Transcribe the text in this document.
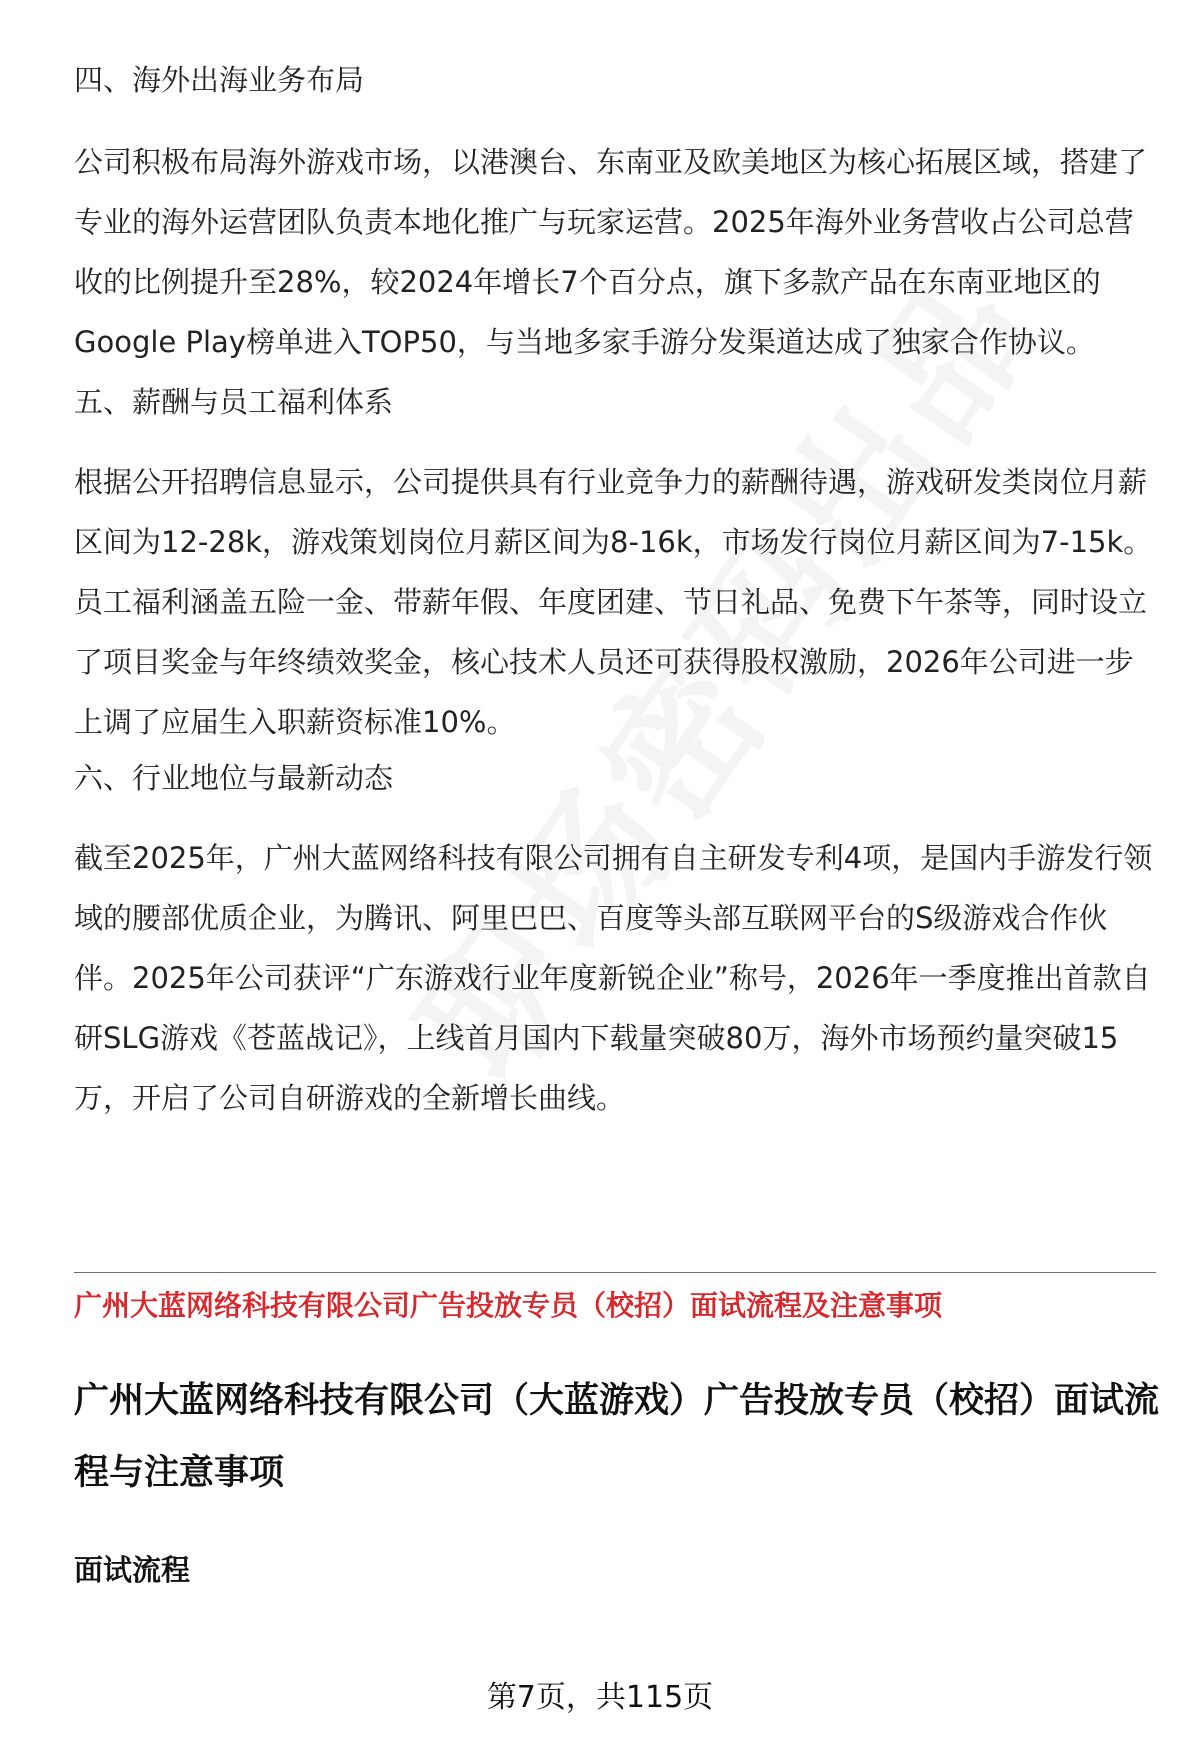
四、海外出海业务布局

公司积极布局海外游戏市场，以港澳台、东南亚及欧美地区为核心拓展区域，搭建了专业的海外运营团队负责本地化推广与玩家运营。2025年海外业务营收占公司总营收的比例提升至28%，较2024年增长7个百分点，旗下多款产品在东南亚地区的Google Play榜单进入TOP50，与当地多家手游分发渠道达成了独家合作协议。

五、薪酬与员工福利体系

根据公开招聘信息显示，公司提供具有行业竞争力的薪酬待遇，游戏研发类岗位月薪区间为12-28k，游戏策划岗位月薪区间为8-16k，市场发行岗位月薪区间为7-15k。员工福利涵盖五险一金、带薪年假、年度团建、节日礼品、免费下午茶等，同时设立了项目奖金与年终绩效奖金，核心技术人员还可获得股权激励，2026年公司进一步上调了应届生入职薪资标准10%。

六、行业地位与最新动态

截至2025年，广州大蓝网络科技有限公司拥有自主研发专利4项，是国内手游发行领域的腰部优质企业，为腾讯、阿里巴巴、百度等头部互联网平台的S级游戏合作伙伴。2025年公司获评“广东游戏行业年度新锐企业”称号，2026年一季度推出首款自研SLG游戏《苍蓝战记》，上线首月国内下载量突破80万，海外市场预约量突破15万，开启了公司自研游戏的全新增长曲线。

广州大蓝网络科技有限公司广告投放专员（校招）面试流程及注意事项
广州大蓝网络科技有限公司（大蓝游戏）广告投放专员（校招）面试流程与注意事项
面试流程
第7页，共115页
